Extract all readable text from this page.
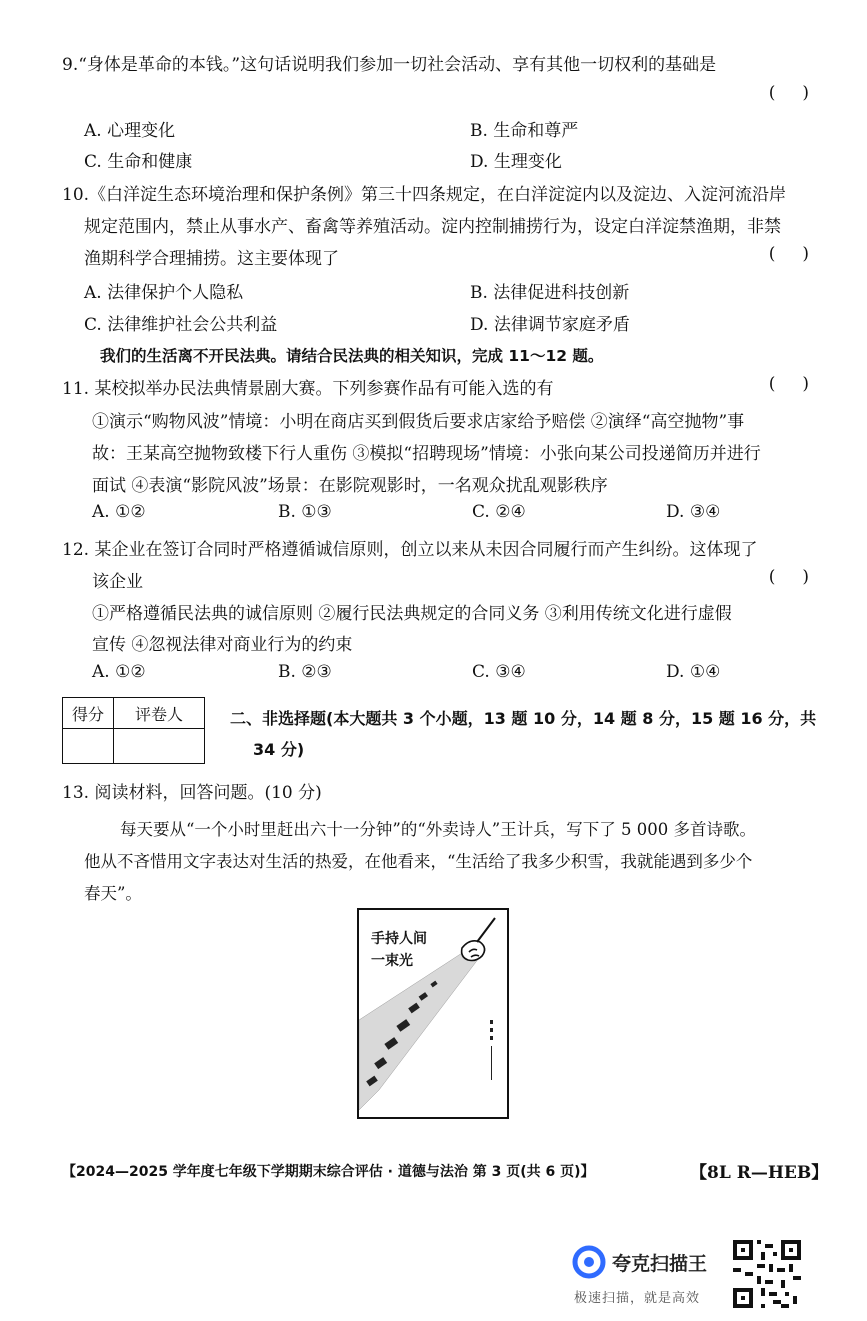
9.“身体是革命的本钱。”这句话说明我们参加一切社会活动、享有其他一切权利的基础是
(     )
A. 心理变化	B. 生命和尊严
C. 生命和健康	D. 生理变化
10.《白洋淀生态环境治理和保护条例》第三十四条规定，在白洋淀淀内以及淀边、入淀河流沿岸
规定范围内，禁止从事水产、畜禽等养殖活动。淀内控制捕捞行为，设定白洋淀禁渔期，非禁
渔期科学合理捕捞。这主要体现了	(     )
A. 法律保护个人隐私	B. 法律促进科技创新
C. 法律维护社会公共利益	D. 法律调节家庭矛盾
我们的生活离不开民法典。请结合民法典的相关知识，完成 11～12 题。
11. 某校拟举办民法典情景剧大赛。下列参赛作品有可能入选的有	(     )
①演示“购物风波”情境：小明在商店买到假货后要求店家给予赔偿 ②演绎“高空抛物”事
故：王某高空抛物致楼下行人重伤 ③模拟“招聘现场”情境：小张向某公司投递简历并进行
面试 ④表演“影院风波”场景：在影院观影时，一名观众扰乱观影秩序
A. ①②	B. ①③	C. ②④	D. ③④
12. 某企业在签订合同时严格遵循诚信原则，创立以来从未因合同履行而产生纠纷。这体现了
该企业	(     )
①严格遵循民法典的诚信原则 ②履行民法典规定的合同义务 ③利用传统文化进行虚假
宣传 ④忽视法律对商业行为的约束
A. ①②	B. ②③	C. ③④	D. ①④
得分	评卷人
		二、非选择题(本大题共 3 个小题，13 题 10 分，14 题 8 分，15 题 16 分，共
34 分)
13. 阅读材料，回答问题。(10 分)
每天要从“一个小时里赶出六十一分钟”的“外卖诗人”王计兵，写下了 5 000 多首诗歌。
他从不吝惜用文字表达对生活的热爱，在他看来，“生活给了我多少积雪，我就能遇到多少个
春天”。
手持人间
一束光
【2024—2025 学年度七年级下学期期末综合评估 · 道德与法治 第 3 页(共 6 页)】	【8L R—HEB】
夸克扫描王
极速扫描，就是高效
